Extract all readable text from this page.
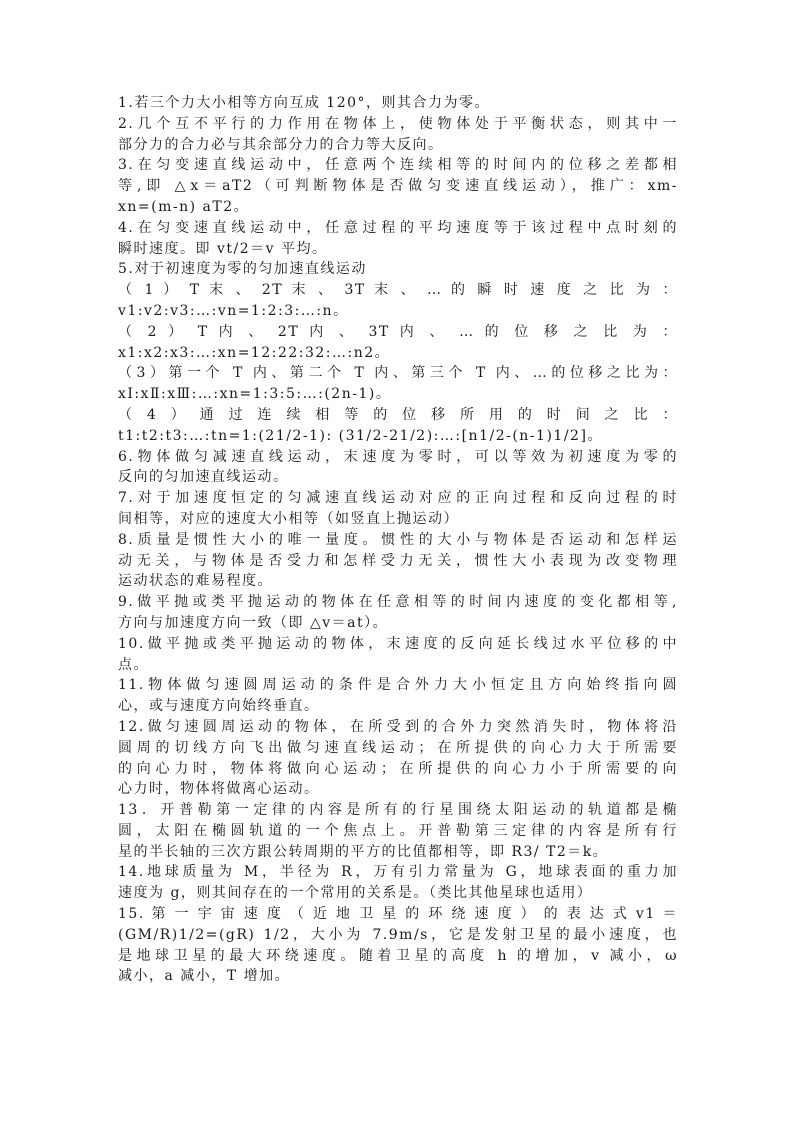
1.若三个力大小相等方向互成 120°，则其合力为零。
2.几个互不平行的力作用在物体上，使物体处于平衡状态，则其中一
部分力的合力必与其余部分力的合力等大反向。
3.在匀变速直线运动中，任意两个连续相等的时间内的位移之差都相
等,即 △x＝aT2（可判断物体是否做匀变速直线运动），推广：xm-
xn=(m-n) aT2。
4.在匀变速直线运动中，任意过程的平均速度等于该过程中点时刻的
瞬时速度。即 vt/2＝v 平均。
5.对于初速度为零的匀加速直线运动
（ 1 ） T 末 、 2T 末 、 3T 末 、 … 的 瞬 时 速 度 之 比 为 ：
v1:v2:v3:…:vn=1:2:3:…:n。
（ 2 ） T 内 、 2T 内 、 3T 内 、 … 的 位 移 之 比 为 ：
x1:x2:x3:…:xn=12:22:32:…:n2。
（3）第一个 T 内、第二个 T 内、第三个 T 内、…的位移之比为：
xⅠ:xⅡ:xⅢ:…:xn=1:3:5:…:(2n-1)。
（4）通过连续相等的位移所用的时间之比：
t1:t2:t3:…:tn=1:(21/2-1): (31/2-21/2):…:[n1/2-(n-1)1/2]。
6.物体做匀减速直线运动，末速度为零时，可以等效为初速度为零的
反向的匀加速直线运动。
7.对于加速度恒定的匀减速直线运动对应的正向过程和反向过程的时
间相等，对应的速度大小相等（如竖直上抛运动）
8.质量是惯性大小的唯一量度。惯性的大小与物体是否运动和怎样运
动无关，与物体是否受力和怎样受力无关，惯性大小表现为改变物理
运动状态的难易程度。
9.做平抛或类平抛运动的物体在任意相等的时间内速度的变化都相等,
方向与加速度方向一致（即 △v＝at）。
10.做平抛或类平抛运动的物体，末速度的反向延长线过水平位移的中
点。
11.物体做匀速圆周运动的条件是合外力大小恒定且方向始终指向圆
心，或与速度方向始终垂直。
12.做匀速圆周运动的物体，在所受到的合外力突然消失时，物体将沿
圆周的切线方向飞出做匀速直线运动；在所提供的向心力大于所需要
的向心力时，物体将做向心运动；在所提供的向心力小于所需要的向
心力时，物体将做离心运动。
13．开普勒第一定律的内容是所有的行星围绕太阳运动的轨道都是椭
圆，太阳在椭圆轨道的一个焦点上。开普勒第三定律的内容是所有行
星的半长轴的三次方跟公转周期的平方的比值都相等，即 R3/ T2＝k。
14.地球质量为 M，半径为 R，万有引力常量为 G，地球表面的重力加
速度为 g，则其间存在的一个常用的关系是。（类比其他星球也适用）
15. 第 一 宇 宙 速 度 （ 近 地 卫 星 的 环 绕 速 度 ） 的 表 达 式 v1 ＝
(GM/R)1/2=(gR) 1/2，大小为 7.9m/s，它是发射卫星的最小速度，也
是地球卫星的最大环绕速度。随着卫星的高度 h 的增加，v 减小，ω
减小，a 减小，T 增加。
